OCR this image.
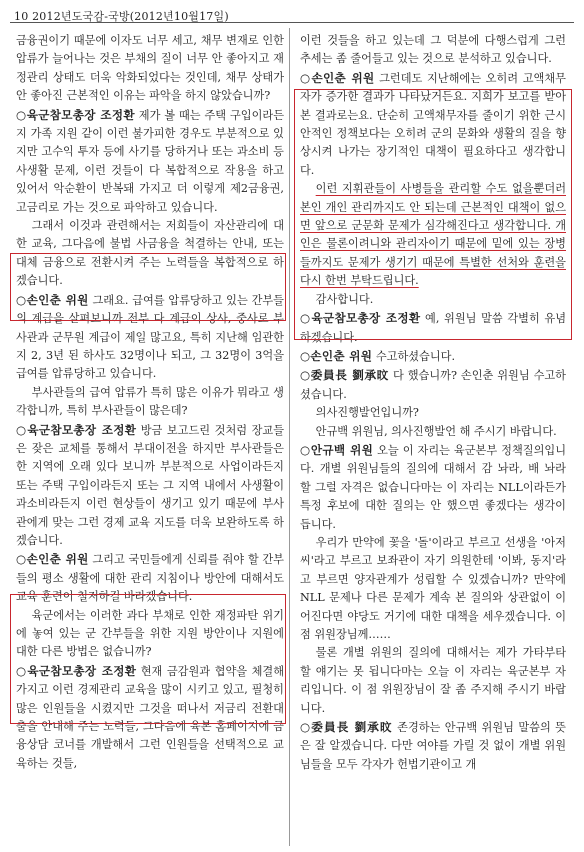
10 2012년도국감-국방(2012년10월17일)

금융권이기 때문에 이자도 너무 세고, 채무 변재로 인한 압류가 늘어나는 것은 부채의 질이 너무 안 좋아지고 재정관리 상태도 더욱 악화되었다는 것인데, 채무 상태가 안 좋아진 근본적인 이유는 파악을 하지 않았습니까?

○육군참모총장 조정환 제가 볼 때는 주택 구입이라든지 가족 지원 같이 이런 불가피한 경우도 부분적으로 있지만 고수익 투자 등에 사기를 당하거나 또는 과소비 등 사생활 문제, 이런 것들이 다 복합적으로 작용을 하고 있어서 악순환이 반복돼 가지고 더 이렇게 제2금융권, 고금리로 가는 것으로 파악하고 있습니다.

그래서 이것과 관련해서는 저희들이 자산관리에 대한 교육, 그다음에 불법 사금융을 척결하는 안내, 또는 대체 금융으로 전환시켜 주는 노력들을 복합적으로 하겠습니다.

○손인춘 위원 그래요. 급여를 압류당하고 있는 간부들의 계급을 살펴보니까 전부 다 계급이 상사, 중사로 부사관과 군무원 계급이 제일 많고요, 특히 지난해 임관한 지 2, 3년 된 하사도 32명이나 되고, 그 32명이 3억을 급여를 압류당하고 있습니다.

부사관들의 급여 압류가 특히 많은 이유가 뭐라고 생각합니까, 특히 부사관들이 많은데?

○육군참모총장 조정환 방금 보고드린 것처럼 장교들은 잦은 교체를 통해서 부대이전을 하지만 부사관들은 한 지역에 오래 있다 보니까 부분적으로 사업이라든지 또는 주택 구입이라든지 또는 그 지역 내에서 사생활이 과소비라든지 이런 현상들이 생기고 있기 때문에 부사관에게 맞는 그런 경제 교육 지도를 더욱 보완하도록 하겠습니다.

○손인춘 위원 그리고 국민들에게 신뢰를 줘야 할 간부들의 평소 생활에 대한 관리 지침이나 방안에 대해서도 교육 훈련이 철저하길 바라겠습니다.

육군에서는 이러한 과다 부채로 인한 재정파탄 위기에 놓여 있는 군 간부들을 위한 지원 방안이나 지원에 대한 다른 방법은 없습니까?

○육군참모총장 조정환 현재 금감원과 협약을 체결해 가지고 이런 경제관리 교육을 많이 시키고 있고, 필청히 많은 인원들을 시켰지만 그것을 떠나서 저금리 전환대출을 안내해 주는 노력들, 그다음에 육본 홈페이지에 금융상담 코너를 개발해서 그런 인원들을 선택적으로 교육하는 것들,

이런 것들을 하고 있는데 그 덕분에 다행스럽게 그런 추세는 좀 줄어들고 있는 것으로 분석하고 있습니다.

○손인춘 위원 그런데도 지난해에는 오히려 고액채무자가 증가한 결과가 나타났거든요. 지희가 보고를 받아 본 결과로는요. 단순히 고액채무자를 줄이기 위한 근시안적인 정책보다는 오히려 군의 문화와 생활의 질을 향상시켜 나가는 장기적인 대책이 필요하다고 생각합니다.

이런 지휘관들이 사병들을 관리할 수도 없을뿐더러 본인 개인 관리까지도 안 되는데 근본적인 대책이 없으면 앞으로 군문화 문제가 심각해진다고 생각합니다. 개인은 물론이려니와 관리자이기 때문에 밑에 있는 장병들까지도 문제가 생기기 때문에 특별한 선처와 훈련을 다시 한번 부탁드립니다.

감사합니다.

○육군참모총장 조정환 예, 위원님 말씀 각별히 유념하겠습니다.

○손인춘 위원 수고하셨습니다.

○委員長 劉承旼 다 했습니까? 손인춘 위원님 수고하셨습니다.

의사진행발언입니까?

안규백 위원님, 의사진행발언 해 주시기 바랍니다.

○안규백 위원 오늘 이 자리는 육군본부 정책질의입니다. 개별 위원님들의 질의에 대해서 감 놔라, 배 놔라 할 그럴 자격은 없습니다마는 이 자리는 NLL이라든가 특정 후보에 대한 질의는 안 했으면 좋겠다는 생각이 듭니다.

우리가 만약에 꽃을 '돌'이라고 부르고 선생을 '아저씨'라고 부르고 보좌관이 자기 의원한테 '이봐, 동지'라고 부르면 양자관계가 성립할 수 있겠습니까? 만약에 NLL 문제나 다른 문제가 계속 본 질의와 상관없이 이어진다면 야당도 거기에 대한 대책을 세우겠습니다. 이 점 위원장님께……

물론 개별 위원의 질의에 대해서는 제가 가타부타 할 얘기는 못 됩니다마는 오늘 이 자리는 육군본부 자리입니다. 이 점 위원장님이 잘 좀 주지해 주시기 바랍니다.

○委員長 劉承旼 존경하는 안규백 위원님 말씀의 뜻은 잘 알겠습니다. 다만 여야를 가릴 것 없이 개별 위원님들을 모두 각자가 헌법기관이고 개
